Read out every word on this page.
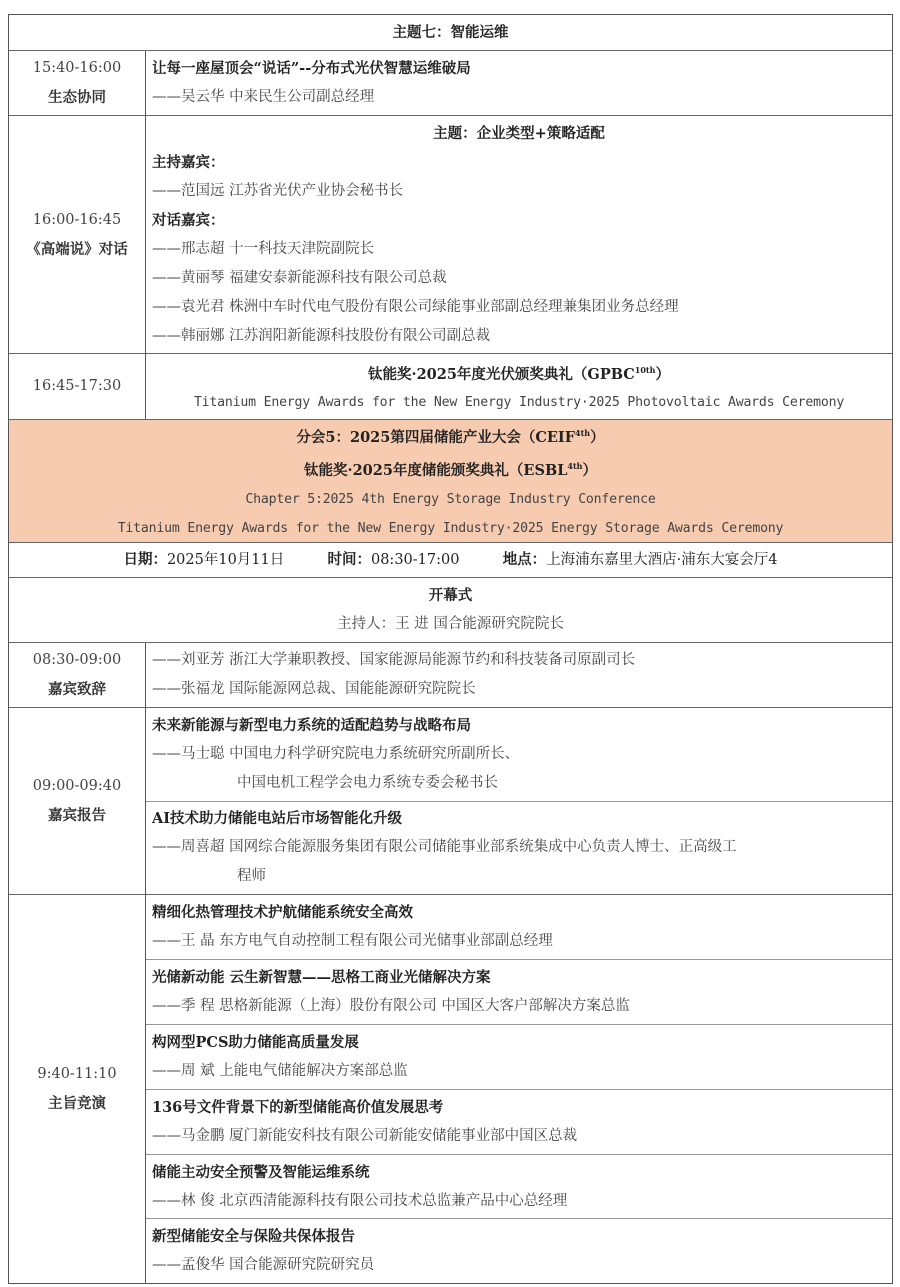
主题七：智能运维
15:40-16:00
生态协同
让每一座屋顶会“说话”--分布式光伏智慧运维破局
——吴云华 中来民生公司副总经理
16:00-16:45
《高端说》对话
主题：企业类型+策略适配
主持嘉宾：
——范国远 江苏省光伏产业协会秘书长
对话嘉宾：
——邢志超 十一科技天津院副院长
——黄丽琴 福建安泰新能源科技有限公司总裁
——袁光君 株洲中车时代电气股份有限公司绿能事业部副总经理兼集团业务总经理
——韩丽娜 江苏润阳新能源科技股份有限公司副总裁
16:45-17:30
钛能奖·2025年度光伏颁奖典礼$(GPBC^{10th})$
Titanium Energy Awards for the New Energy Industry·2025 Photovoltaic Awards Ceremony
分会5：2025第四届储能产业大会$(CEIF^{4th})$
钛能奖·2025年度储能颁奖典礼$(ESBL^{4th})$
Chapter 5:2025 4th Energy Storage Industry Conference
Titanium Energy Awards for the New Energy Industry·2025 Energy Storage Awards Ceremony
日期：2025年10月11日	时间：08:30-17:00	地点：上海浦东嘉里大酒店·浦东大宴会厅4
开幕式
主持人：王 进 国合能源研究院院长
08:30-09:00
嘉宾致辞
——刘亚芳 浙江大学兼职教授、国家能源局能源节约和科技装备司原副司长
——张福龙 国际能源网总裁、国能能源研究院院长
09:00-09:40
嘉宾报告
未来新能源与新型电力系统的适配趋势与战略布局
——马士聪 中国电力科学研究院电力系统研究所副所长、
中国电机工程学会电力系统专委会秘书长
AI技术助力储能电站后市场智能化升级
——周喜超 国网综合能源服务集团有限公司储能事业部系统集成中心负责人博士、正高级工
程师
9:40-11:10
主旨竞演
精细化热管理技术护航储能系统安全高效
——王 晶 东方电气自动控制工程有限公司光储事业部副总经理
光储新动能 云生新智慧——思格工商业光储解决方案
——季 程 思格新能源（上海）股份有限公司 中国区大客户部解决方案总监
构网型PCS助力储能高质量发展
——周 斌 上能电气储能解决方案部总监
136号文件背景下的新型储能高价值发展思考
——马金鹏 厦门新能安科技有限公司新能安储能事业部中国区总裁
储能主动安全预警及智能运维系统
——林 俊 北京西清能源科技有限公司技术总监兼产品中心总经理
新型储能安全与保险共保体报告
——孟俊华 国合能源研究院研究员
